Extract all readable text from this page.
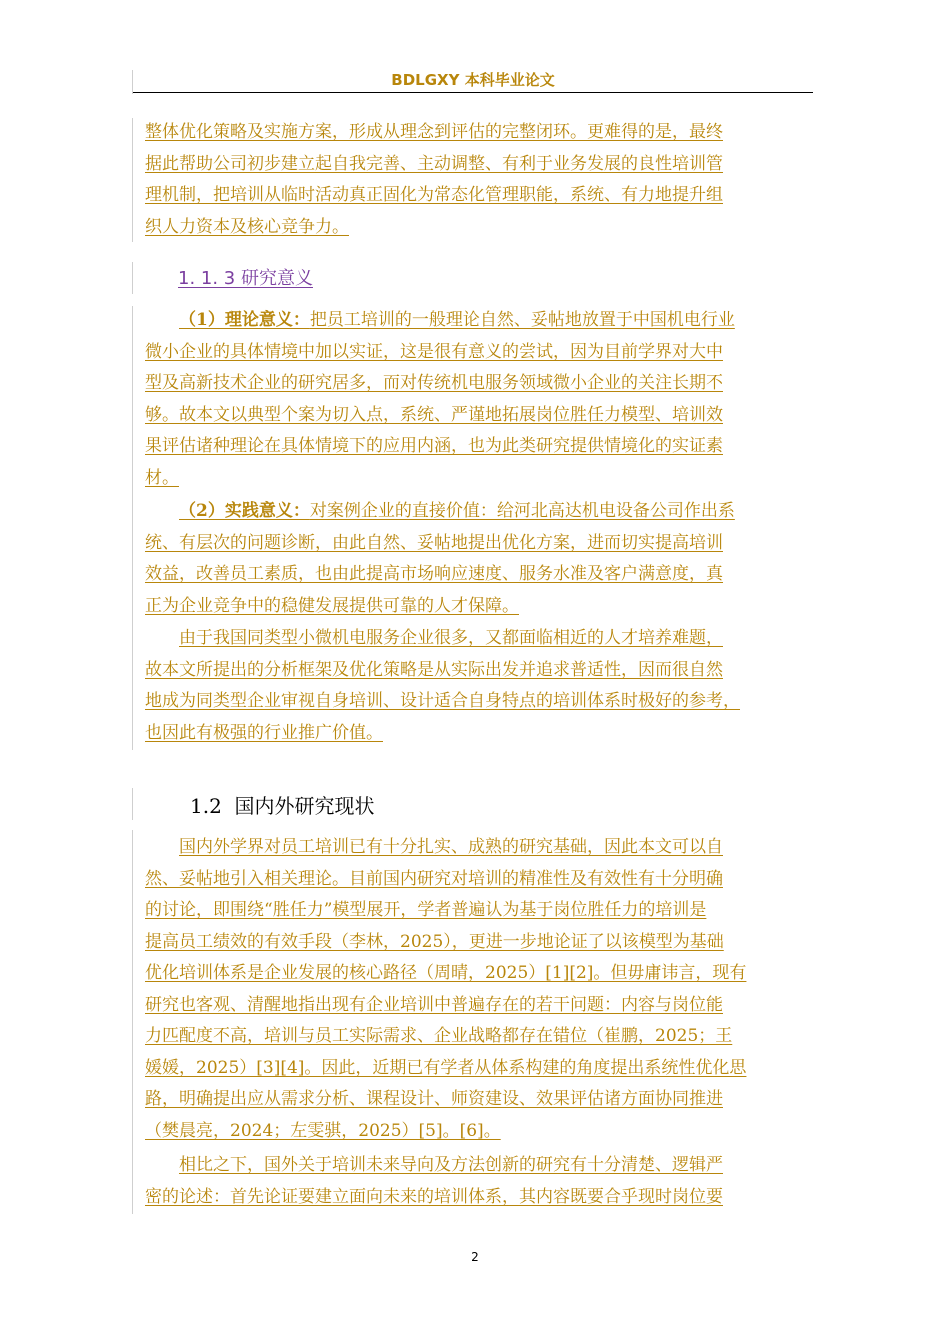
BDLGXY 本科毕业论文
整体优化策略及实施方案，形成从理念到评估的完整闭环。更难得的是，最终
据此帮助公司初步建立起自我完善、主动调整、有利于业务发展的良性培训管
理机制，把培训从临时活动真正固化为常态化管理职能，系统、有力地提升组
织人力资本及核心竞争力。
1. 1. 3 研究意义
（1）理论意义：把员工培训的一般理论自然、妥帖地放置于中国机电行业
微小企业的具体情境中加以实证，这是很有意义的尝试，因为目前学界对大中
型及高新技术企业的研究居多，而对传统机电服务领域微小企业的关注长期不
够。故本文以典型个案为切入点，系统、严谨地拓展岗位胜任力模型、培训效
果评估诸种理论在具体情境下的应用内涵，也为此类研究提供情境化的实证素
材。
（2）实践意义：对案例企业的直接价值：给河北高达机电设备公司作出系
统、有层次的问题诊断，由此自然、妥帖地提出优化方案，进而切实提高培训
效益，改善员工素质，也由此提高市场响应速度、服务水准及客户满意度，真
正为企业竞争中的稳健发展提供可靠的人才保障。
由于我国同类型小微机电服务企业很多，又都面临相近的人才培养难题，
故本文所提出的分析框架及优化策略是从实际出发并追求普适性，因而很自然
地成为同类型企业审视自身培训、设计适合自身特点的培训体系时极好的参考，
也因此有极强的行业推广价值。
1.2 国内外研究现状
国内外学界对员工培训已有十分扎实、成熟的研究基础，因此本文可以自
然、妥帖地引入相关理论。目前国内研究对培训的精准性及有效性有十分明确
的讨论，即围绕“胜任力”模型展开，学者普遍认为基于岗位胜任力的培训是
提高员工绩效的有效手段（李林，2025），更进一步地论证了以该模型为基础
优化培训体系是企业发展的核心路径（周晴，2025）[1][2]。但毋庸讳言，现有
研究也客观、清醒地指出现有企业培训中普遍存在的若干问题：内容与岗位能
力匹配度不高，培训与员工实际需求、企业战略都存在错位（崔鹏，2025；王
媛媛，2025）[3][4]。因此，近期已有学者从体系构建的角度提出系统性优化思
路，明确提出应从需求分析、课程设计、师资建设、效果评估诸方面协同推进
（樊晨亮，2024；左雯骐，2025）[5]。[6]。
相比之下，国外关于培训未来导向及方法创新的研究有十分清楚、逻辑严
密的论述：首先论证要建立面向未来的培训体系，其内容既要合乎现时岗位要
2
